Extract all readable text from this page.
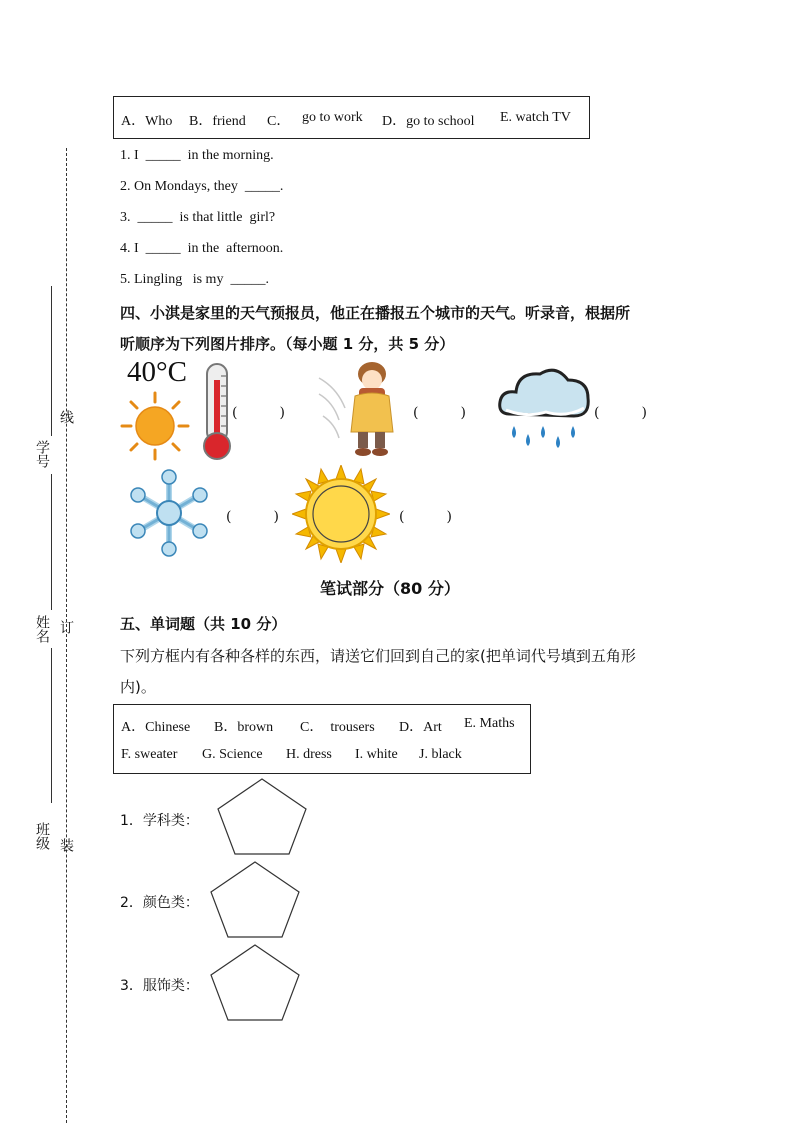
学号
姓名
班级
线
订
装
A．Who B．friend C． go to work D．go to school E. watch TV
1. I  _____  in the morning.
2. On Mondays, they  _____.
3.  _____  is that little  girl?
4. I  _____  in the  afternoon.
5. Lingling   is my  _____.
四、小淇是家里的天气预报员，他正在播报五个城市的天气。听录音，根据所
听顺序为下列图片排序。（每小题 1 分，共 5 分）
40°C
(　　　)	(　　　)	(　　　)
(　　　)	(　　　)
笔试部分（80 分）
五、单词题（共 10 分）
下列方框内有各种各样的东西，请送它们回到自己的家(把单词代号填到五角形
内)。
A．Chinese B．brown C．  trousers D．Art E. Maths
F. sweater G. Science H. dress I. white J. black
1．学科类：
2．颜色类：
3．服饰类：
